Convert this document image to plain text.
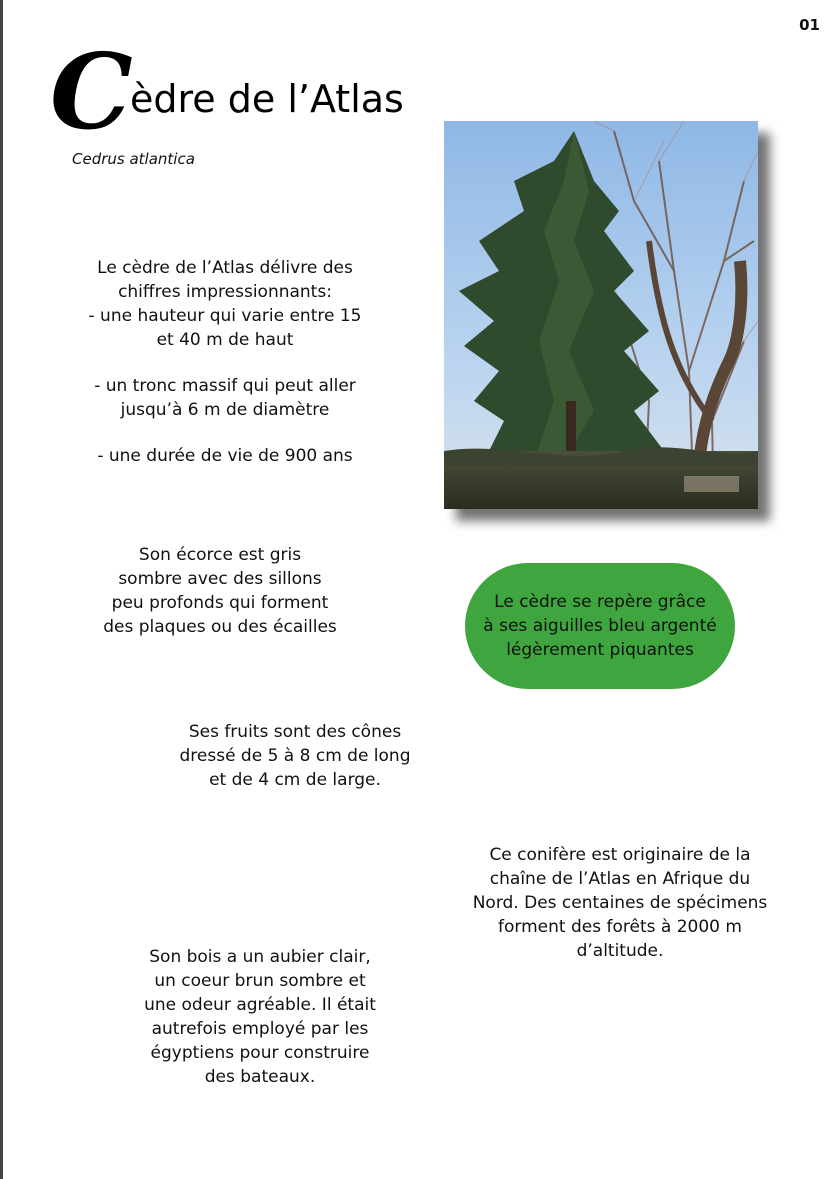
01
C
èdre de l’Atlas
Cedrus atlantica
Le cèdre de l’Atlas délivre des
chiffres impressionnants:
- une hauteur qui varie entre 15
et 40 m de haut
- un tronc massif qui peut aller
jusqu’à 6 m de diamètre
- une durée de vie de 900 ans
Son écorce est gris
sombre avec des sillons
peu profonds qui forment
des plaques ou des écailles
Le cèdre se repère grâce
à ses aiguilles bleu argenté
légèrement piquantes
Ses fruits sont des cônes
dressé de 5 à 8 cm de long
et de 4 cm de large.
Ce conifère est originaire de la
chaîne de l’Atlas en Afrique du
Nord. Des centaines de spécimens
forment des forêts à 2000 m
d’altitude.
Son bois a un aubier clair,
un coeur brun sombre et
une odeur agréable. Il était
autrefois employé par les
égyptiens pour construire
des bateaux.
